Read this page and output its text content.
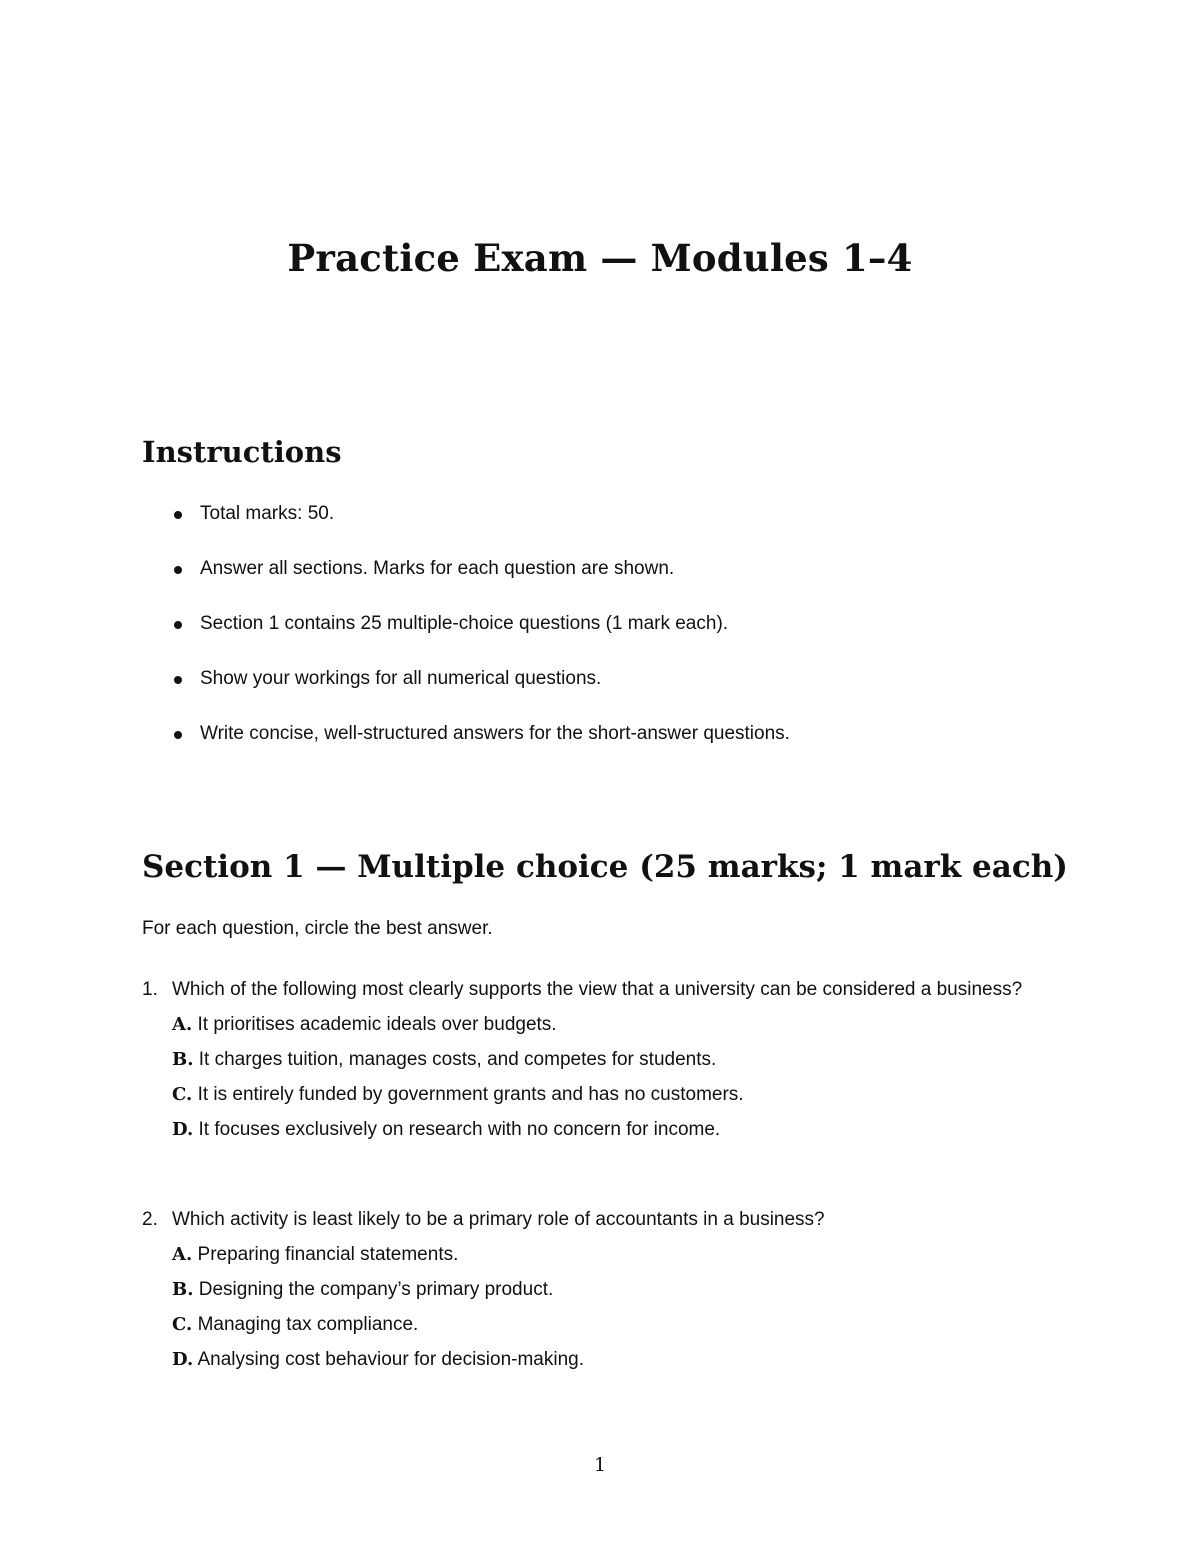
Practice Exam — Modules 1–4
Instructions
Total marks: 50.
Answer all sections. Marks for each question are shown.
Section 1 contains 25 multiple-choice questions (1 mark each).
Show your workings for all numerical questions.
Write concise, well-structured answers for the short-answer questions.
Section 1 — Multiple choice (25 marks; 1 mark each)

For each question, circle the best answer.

1. Which of the following most clearly supports the view that a university can be considered a business?
A. It prioritises academic ideals over budgets.
B. It charges tuition, manages costs, and competes for students.
C. It is entirely funded by government grants and has no customers.
D. It focuses exclusively on research with no concern for income.
2. Which activity is least likely to be a primary role of accountants in a business?
A. Preparing financial statements.
B. Designing the company’s primary product.
C. Managing tax compliance.
D. Analysing cost behaviour for decision-making.
1
